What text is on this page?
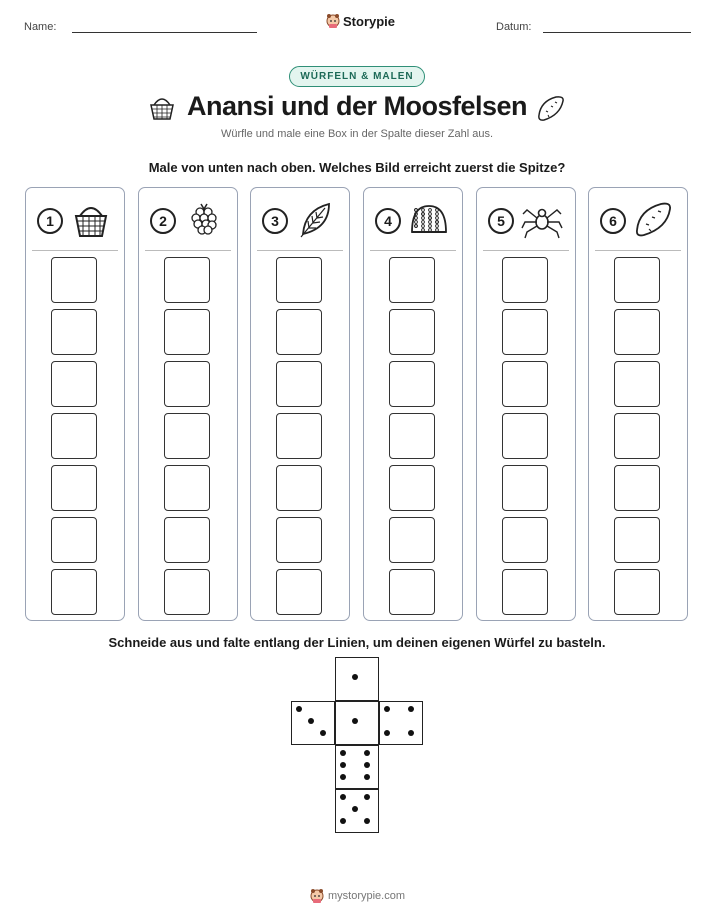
Name:	Storypie	Datum:
WÜRFELN & MALEN
Anansi und der Moosfelsen
Würfle und male eine Box in der Spalte dieser Zahl aus.
Male von unten nach oben. Welches Bild erreicht zuerst die Spitze?
1	2	3	4	5	6
Schneide aus und falte entlang der Linien, um deinen eigenen Würfel zu basteln.
mystorypie.com
